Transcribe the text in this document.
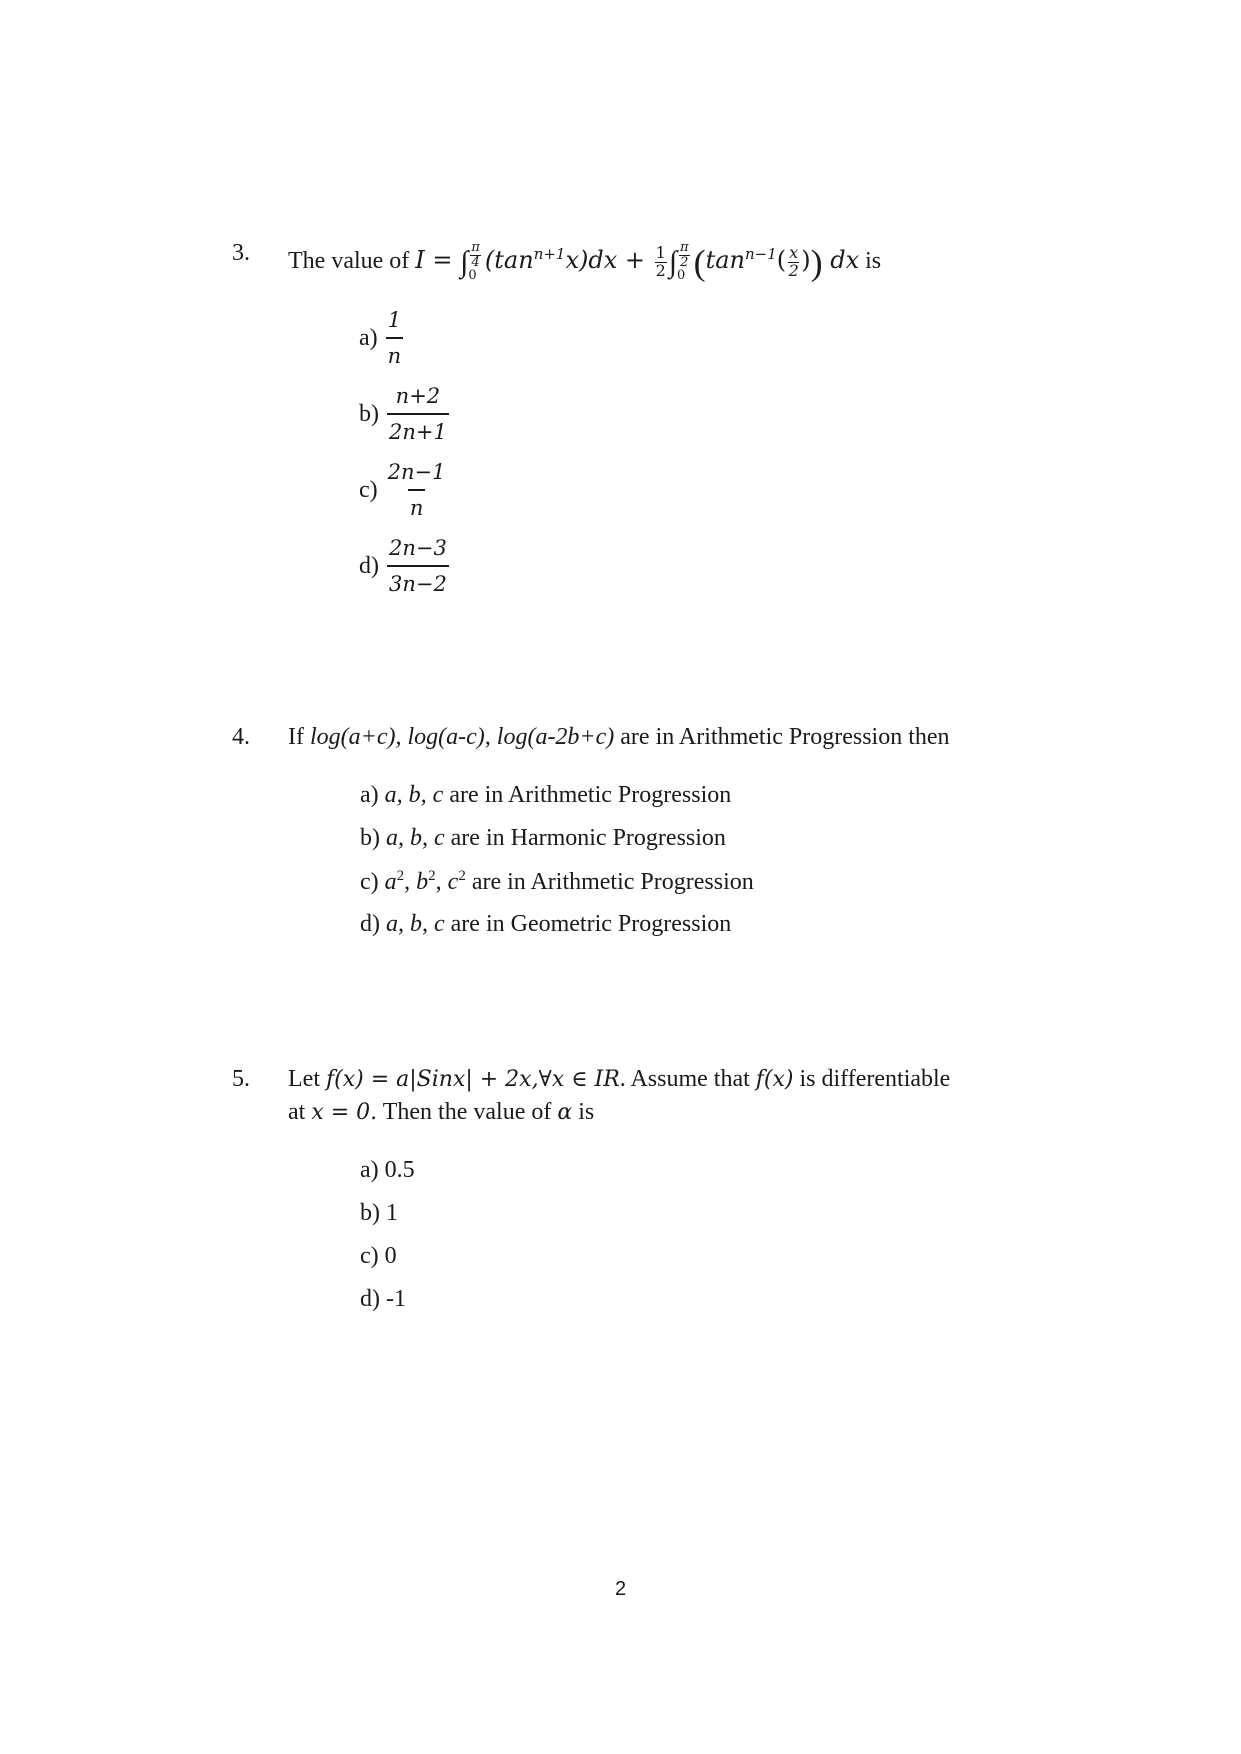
3. The value of I = ∫ $\frac{\pi}{4}$
0
$(\tan^{n+1}x)dx + \frac{1}{2}$ ∫ $\frac{\pi}{2}$
0 ($\tan^{n-1}( \frac{x}{2}$ )) dx is
$a) \frac{1}{n}$
$b) \frac{n+2}{2n+1}$
$c) \frac{2n-1}{n}$
$d) \frac{2n-3}{3n-2}$
4. If log(a+c), log(a-c), log(a-2b+c) are in Arithmetic Progression then
a) a, b, c are in Arithmetic Progression
b) a, b, c are in Harmonic Progression
c) $a^2$, $b^2$, $c^2$ are in Arithmetic Progression
d) a, b, c are in Geometric Progression
5. Let f(x) = a|Sinx| + 2x,∀x ∈ IR. Assume that f(x) is differentiable
at x = 0. Then the value of α is
a) 0.5
b) 1
c) 0
d) -1
2
